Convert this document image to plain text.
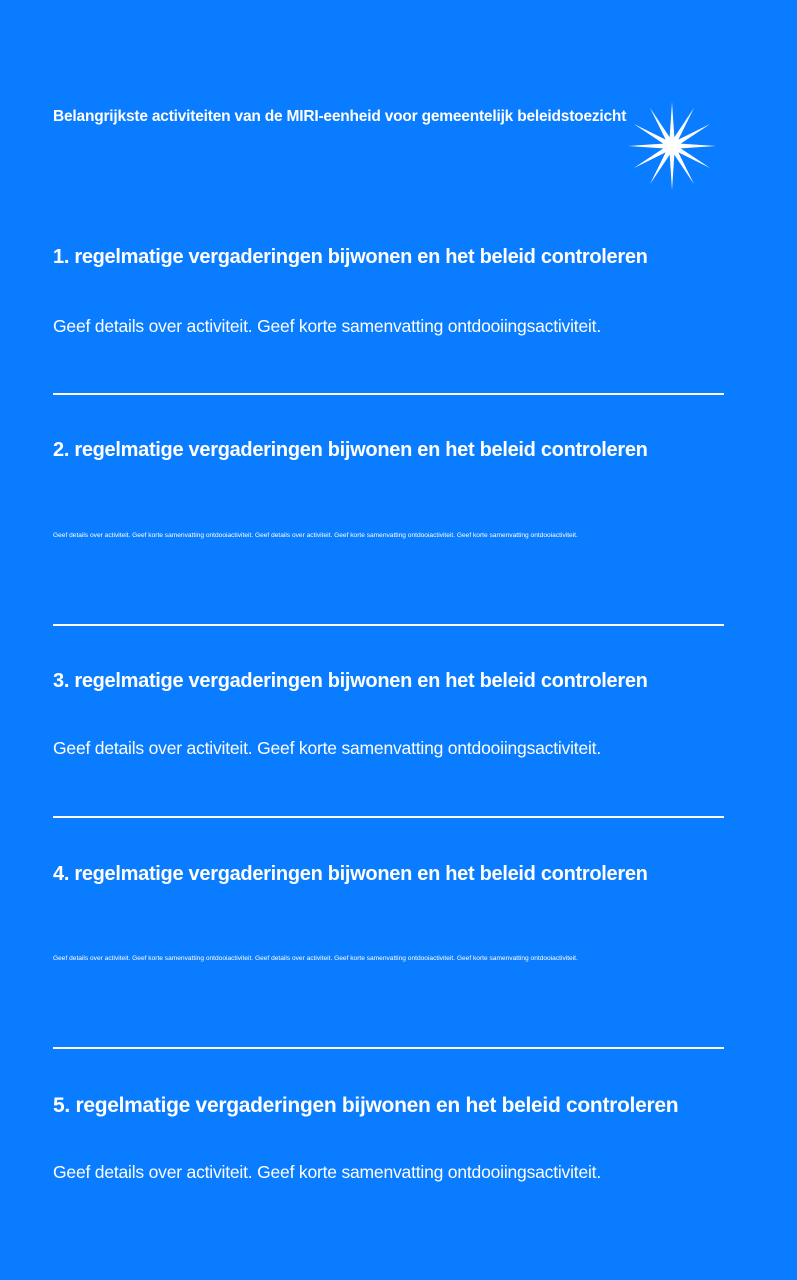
Belangrijkste activiteiten van de MIRI-eenheid voor gemeentelijk beleidstoezicht
1. regelmatige vergaderingen bijwonen en het beleid controleren
Geef details over activiteit. Geef korte samenvatting ontdooiingsactiviteit.
2. regelmatige vergaderingen bijwonen en het beleid controleren
Geef details over activiteit. Geef korte samenvatting ontdooiactiviteit. Geef details over activiteit. Geef korte samenvatting ontdooiactiviteit. Geef korte samenvatting ontdooiactiviteit.
3. regelmatige vergaderingen bijwonen en het beleid controleren
Geef details over activiteit. Geef korte samenvatting ontdooiingsactiviteit.
4. regelmatige vergaderingen bijwonen en het beleid controleren
Geef details over activiteit. Geef korte samenvatting ontdooiactiviteit. Geef details over activiteit. Geef korte samenvatting ontdooiactiviteit. Geef korte samenvatting ontdooiactiviteit.
5. regelmatige vergaderingen bijwonen en het beleid controleren
Geef details over activiteit. Geef korte samenvatting ontdooiingsactiviteit.
